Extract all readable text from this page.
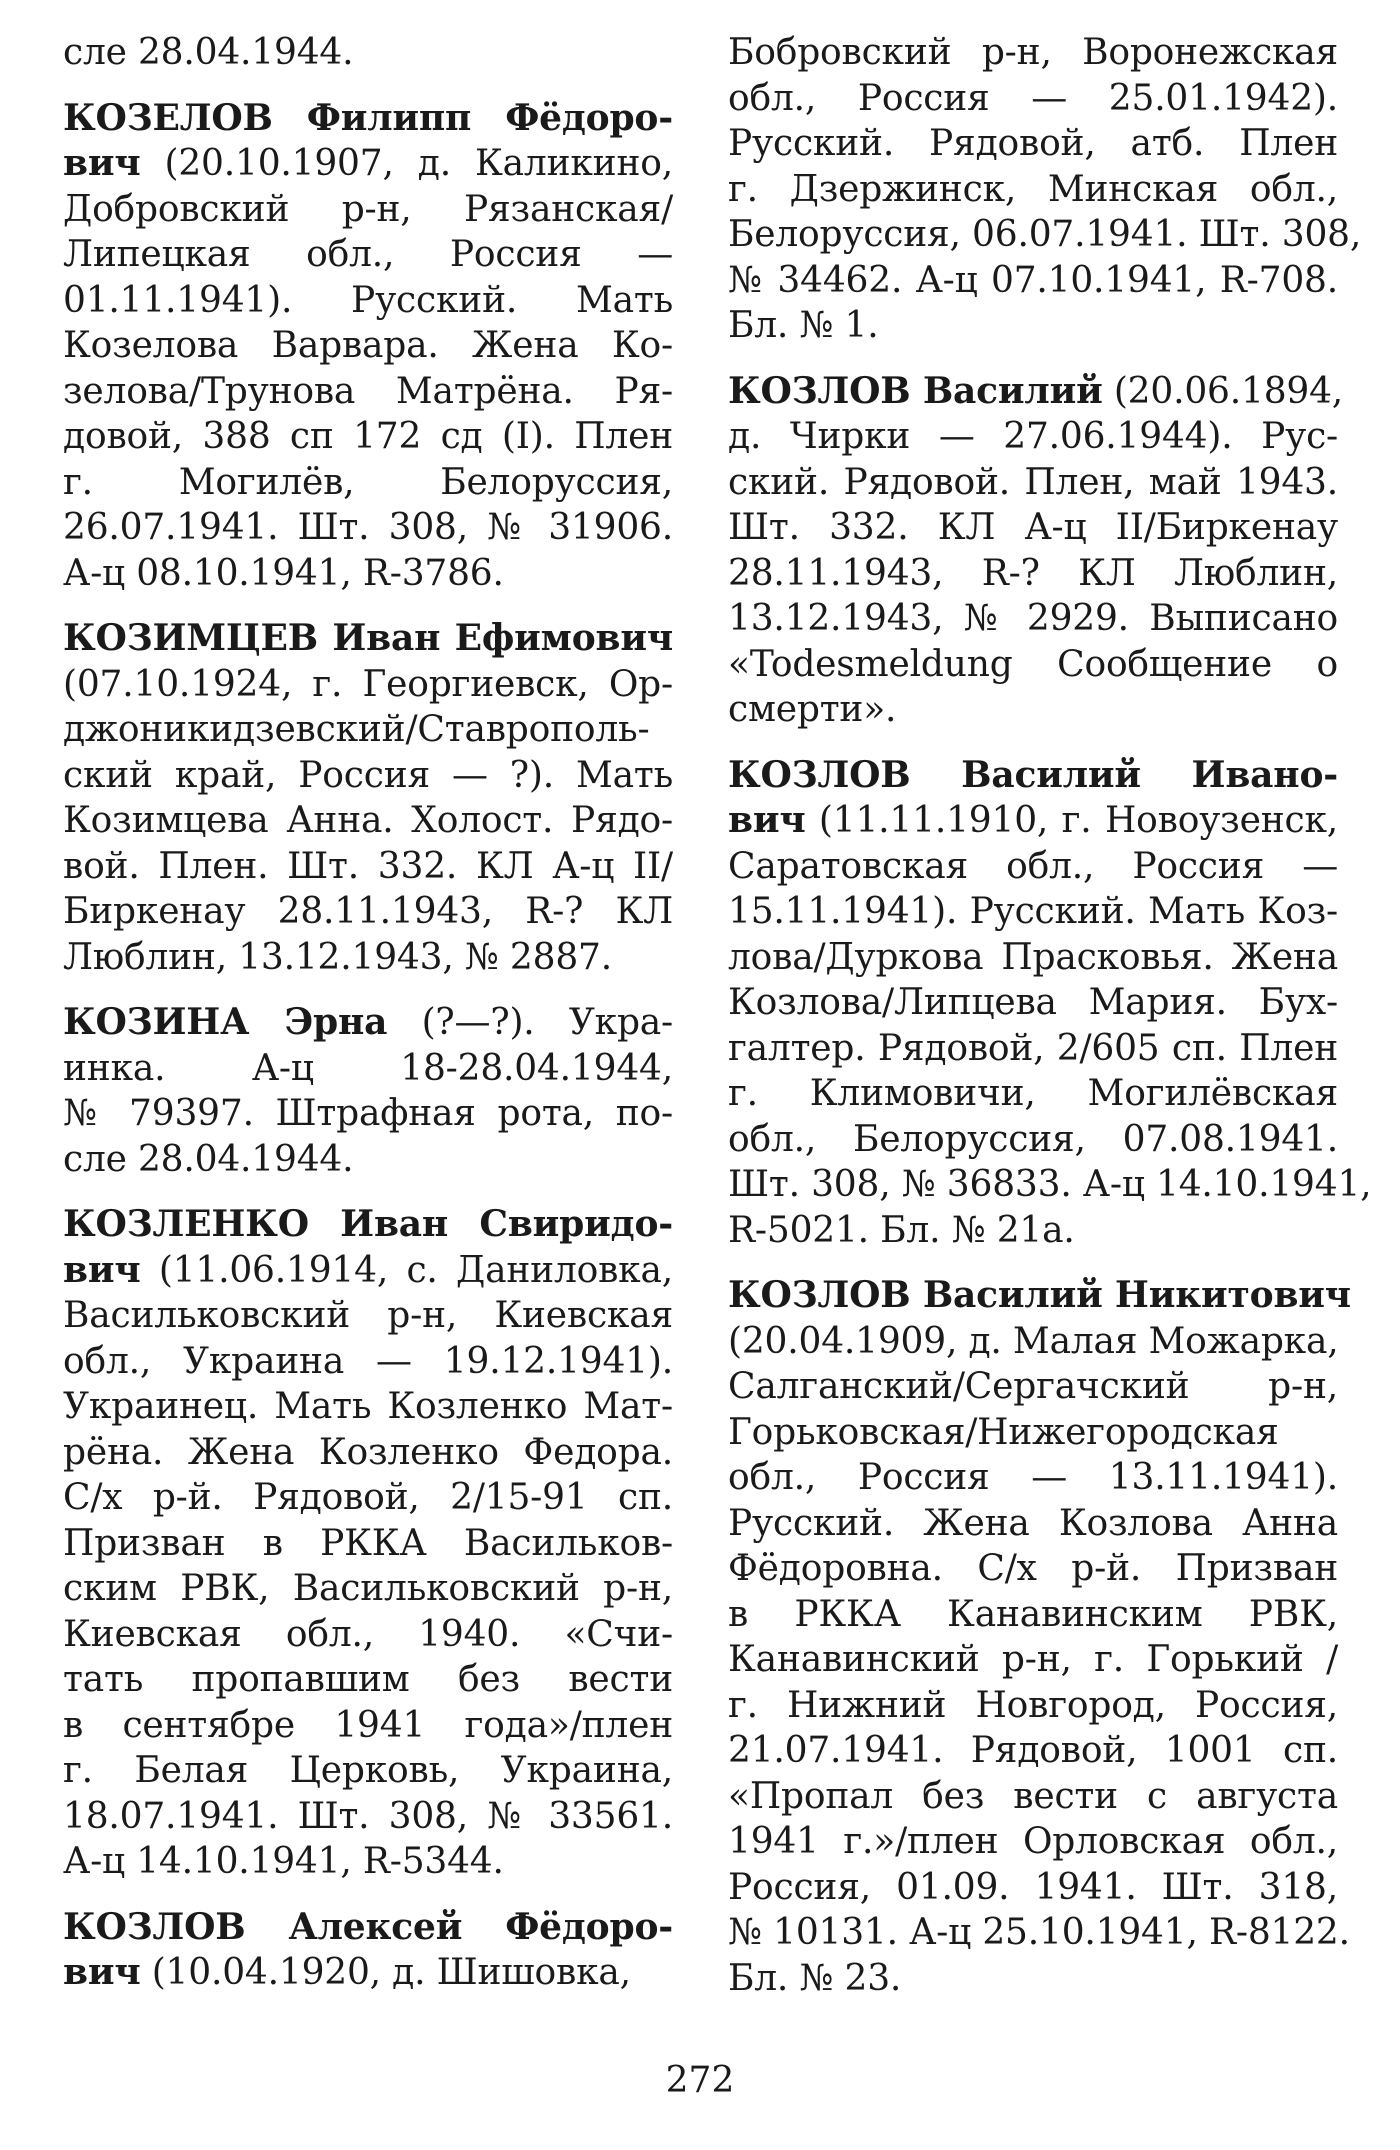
сле 28.04.1944.
КОЗЕЛОВ Филипп Фёдоро-
вич (20.10.1907, д. Каликино,
Добровский р-н, Рязанская/
Липецкая обл., Россия —
01.11.1941). Русский. Мать
Козелова Варвара. Жена Ко-
зелова/Трунова Матрёна. Ря-
довой, 388 сп 172 сд (I). Плен
г. Могилёв, Белоруссия,
26.07.1941. Шт. 308, № 31906.
А-ц 08.10.1941, R-3786.
КОЗИМЦЕВ Иван Ефимович
(07.10.1924, г. Георгиевск, Ор-
джоникидзевский/Ставрополь-
ский край, Россия — ?). Мать
Козимцева Анна. Холост. Рядо-
вой. Плен. Шт. 332. КЛ А-ц II/
Биркенау 28.11.1943, R-? КЛ
Люблин, 13.12.1943, № 2887.
КОЗИНА Эрна (?—?). Укра-
инка. А-ц 18-28.04.1944,
№ 79397. Штрафная рота, по-
сле 28.04.1944.
КОЗЛЕНКО Иван Свиридо-
вич (11.06.1914, с. Даниловка,
Васильковский р-н, Киевская
обл., Украина — 19.12.1941).
Украинец. Мать Козленко Мат-
рёна. Жена Козленко Федора.
С/х р-й. Рядовой, 2/15-91 сп.
Призван в РККА Васильков-
ским РВК, Васильковский р-н,
Киевская обл., 1940. «Счи-
тать пропавшим без вести
в сентябре 1941 года»/плен
г. Белая Церковь, Украина,
18.07.1941. Шт. 308, № 33561.
А-ц 14.10.1941, R-5344.
КОЗЛОВ Алексей Фёдоро-
вич (10.04.1920, д. Шишовка,
Бобровский р-н, Воронежская
обл., Россия — 25.01.1942).
Русский. Рядовой, атб. Плен
г. Дзержинск, Минская обл.,
Белоруссия, 06.07.1941. Шт. 308,
№ 34462. А-ц 07.10.1941, R-708.
Бл. № 1.
КОЗЛОВ Василий (20.06.1894,
д. Чирки — 27.06.1944). Рус-
ский. Рядовой. Плен, май 1943.
Шт. 332. КЛ А-ц II/Биркенау
28.11.1943, R-? КЛ Люблин,
13.12.1943, № 2929. Выписано
«Todesmeldung Сообщение о
смерти».
КОЗЛОВ Василий Ивано-
вич (11.11.1910, г. Новоузенск,
Саратовская обл., Россия —
15.11.1941). Русский. Мать Коз-
лова/Дуркова Прасковья. Жена
Козлова/Липцева Мария. Бух-
галтер. Рядовой, 2/605 сп. Плен
г. Климовичи, Могилёвская
обл., Белоруссия, 07.08.1941.
Шт. 308, № 36833. А-ц 14.10.1941,
R-5021. Бл. № 21а.
КОЗЛОВ Василий Никитович
(20.04.1909, д. Малая Можарка,
Салганский/Сергачский р-н,
Горьковская/Нижегородская
обл., Россия — 13.11.1941).
Русский. Жена Козлова Анна
Фёдоровна. С/х р-й. Призван
в РККА Канавинским РВК,
Канавинский р-н, г. Горький /
г. Нижний Новгород, Россия,
21.07.1941. Рядовой, 1001 сп.
«Пропал без вести с августа
1941 г.»/плен Орловская обл.,
Россия, 01.09. 1941. Шт. 318,
№ 10131. А-ц 25.10.1941, R-8122.
Бл. № 23.
272
